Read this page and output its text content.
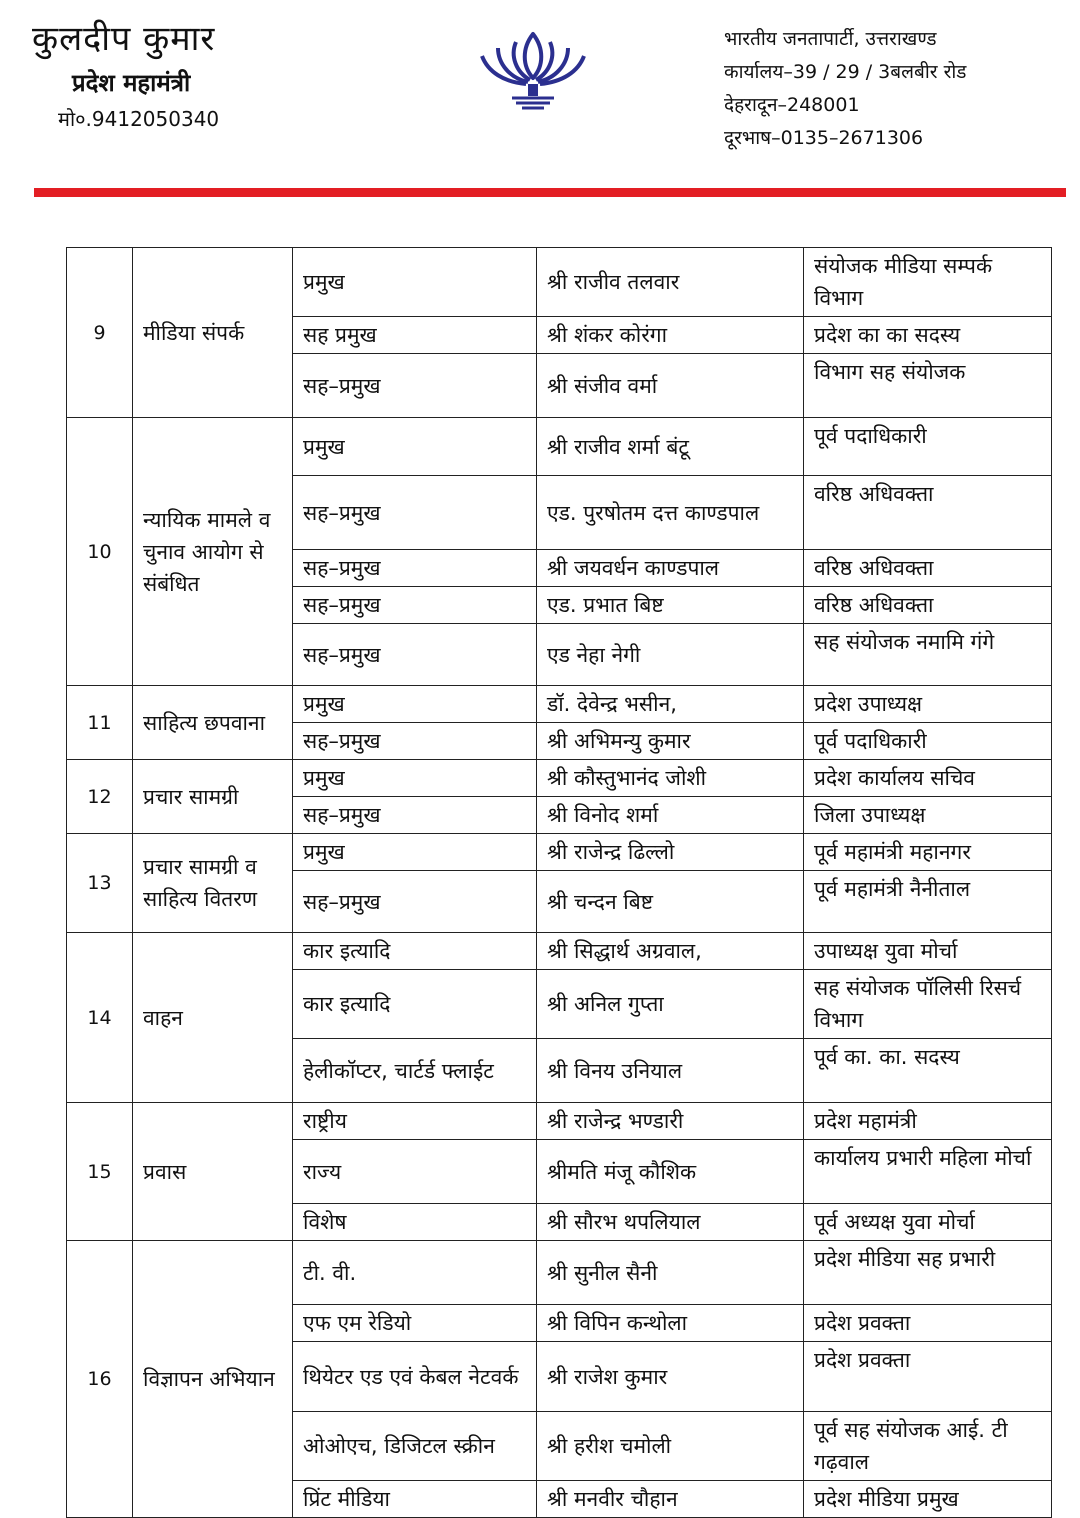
कुलदीप कुमार
प्रदेश महामंत्री
मो०.9412050340
भारतीय जनतापार्टी, उत्तराखण्ड
कार्यालय–39 / 29 / 3बलबीर रोड
देहरादून–248001
दूरभाष–0135–2671306
9	मीडिया संपर्क	प्रमुख	श्री राजीव तलवार	संयोजक मीडिया सम्पर्क विभाग
		सह प्रमुख	श्री शंकर कोरंगा	प्रदेश का का सदस्य
		सह–प्रमुख	श्री संजीव वर्मा	विभाग सह संयोजक
10	न्यायिक मामले व चुनाव आयोग से संबंधित	प्रमुख	श्री राजीव शर्मा बंटू	पूर्व पदाधिकारी
		सह–प्रमुख	एड. पुरषोतम दत्त काण्डपाल	वरिष्ठ अधिवक्ता
		सह–प्रमुख	श्री जयवर्धन काण्डपाल	वरिष्ठ अधिवक्ता
		सह–प्रमुख	एड. प्रभात बिष्ट	वरिष्ठ अधिवक्ता
		सह–प्रमुख	एड नेहा नेगी	सह संयोजक नमामि गंगे
11	साहित्य छपवाना	प्रमुख	डॉ. देवेन्द्र भसीन,	प्रदेश उपाध्यक्ष
		सह–प्रमुख	श्री अभिमन्यु कुमार	पूर्व पदाधिकारी
12	प्रचार सामग्री	प्रमुख	श्री कौस्तुभानंद जोशी	प्रदेश कार्यालय सचिव
		सह–प्रमुख	श्री विनोद शर्मा	जिला उपाध्यक्ष
13	प्रचार सामग्री व साहित्य वितरण	प्रमुख	श्री राजेन्द्र ढिल्लो	पूर्व महामंत्री महानगर
		सह–प्रमुख	श्री चन्दन बिष्ट	पूर्व महामंत्री नैनीताल
14	वाहन	कार इत्यादि	श्री सिद्धार्थ अग्रवाल,	उपाध्यक्ष युवा मोर्चा
		कार इत्यादि	श्री अनिल गुप्ता	सह संयोजक पॉलिसी रिसर्च विभाग
		हेलीकॉप्टर, चार्टर्ड फ्लाईट	श्री विनय उनियाल	पूर्व का. का. सदस्य
15	प्रवास	राष्ट्रीय	श्री राजेन्द्र भण्डारी	प्रदेश महामंत्री
		राज्य	श्रीमति मंजू कौशिक	कार्यालय प्रभारी महिला मोर्चा
		विशेष	श्री सौरभ थपलियाल	पूर्व अध्यक्ष युवा मोर्चा
16	विज्ञापन अभियान	टी. वी.	श्री सुनील सैनी	प्रदेश मीडिया सह प्रभारी
		एफ एम रेडियो	श्री विपिन कन्थोला	प्रदेश प्रवक्ता
		थियेटर एड एवं केबल नेटवर्क	श्री राजेश कुमार	प्रदेश प्रवक्ता
		ओओएच, डिजिटल स्क्रीन	श्री हरीश चमोली	पूर्व सह संयोजक आई. टी गढ़वाल
		प्रिंट मीडिया	श्री मनवीर चौहान	प्रदेश मीडिया प्रमुख
